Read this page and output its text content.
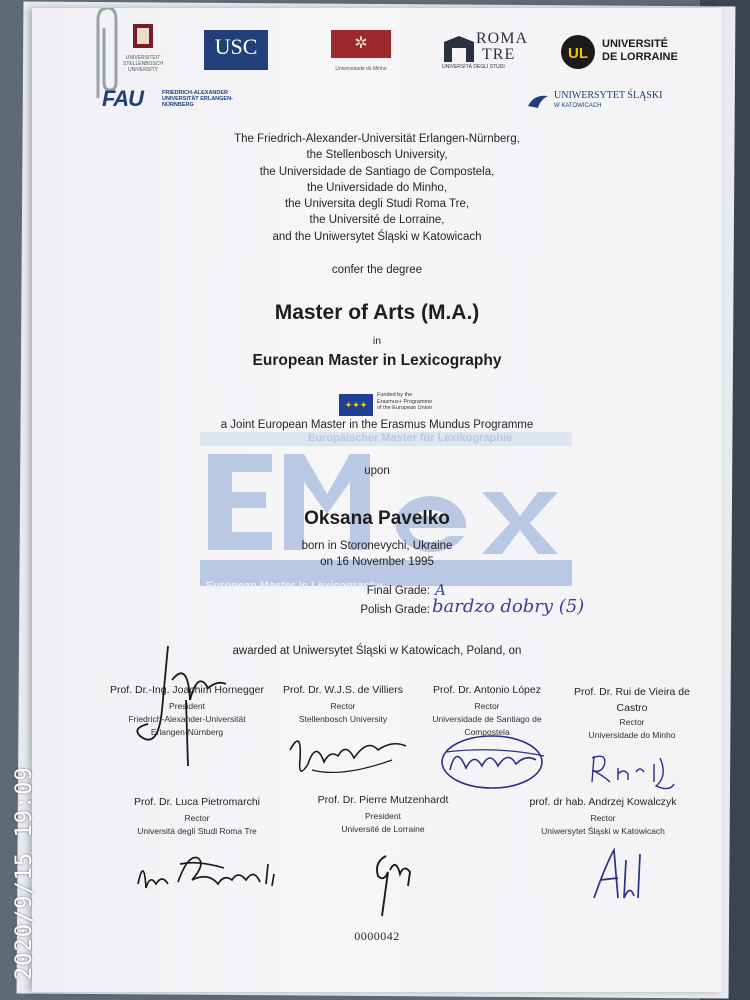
UNIVERSITEIT STELLENBOSCH UNIVERSITY
USC	✲
Universidade do Minho
ROMA
TRE
UNIVERSITÀ DEGLI STUDI
UL
UNIVERSITÉ
DE LORRAINE
FAU	FRIEDRICH-ALEXANDER UNIVERSITÄT ERLANGEN-NÜRNBERG
UNIWERSYTET ŚLĄSKI
W KATOWICACH
The Friedrich-Alexander-Universität Erlangen-Nürnberg,
the Stellenbosch University,
the Universidade de Santiago de Compostela,
the Universidade do Minho,
the Universita degli Studi Roma Tre,
the Université de Lorraine,
and the Uniwersytet Śląski w Katowicach
confer the degree
Master of Arts (M.A.)
in
European Master in Lexicography
✦✦✦
Funded by the
Erasmus+ Programme
of the European Union
a Joint European Master in the Erasmus Mundus Programme
Europäischer Master für Lexikographie
European Master in Lexicography
upon
Oksana Pavelko
born in Storonevychi, Ukraine
on 16 November 1995
Final Grade: A
Polish Grade: bardzo dobry (5)
awarded at Uniwersytet Śląski w Katowicach, Poland, on
Prof. Dr.-Ing. Joachim Hornegger
President
Friedrich-Alexander-Universität
Erlangen-Nürnberg
Prof. Dr. W.J.S. de Villiers
Rector
Stellenbosch University
Prof. Dr. Antonio López
Rector
Universidade de Santiago de
Compostela
Prof. Dr. Rui de Vieira de Castro
Rector
Universidade do Minho
Prof. Dr. Luca Pietromarchi
Rector
Università degli Studi Roma Tre
Prof. Dr. Pierre Mutzenhardt
President
Université de Lorraine
prof. dr hab. Andrzej Kowalczyk
Rector
Uniwersytet Śląski w Katowicach
0000042
2020/9/15 19:09
